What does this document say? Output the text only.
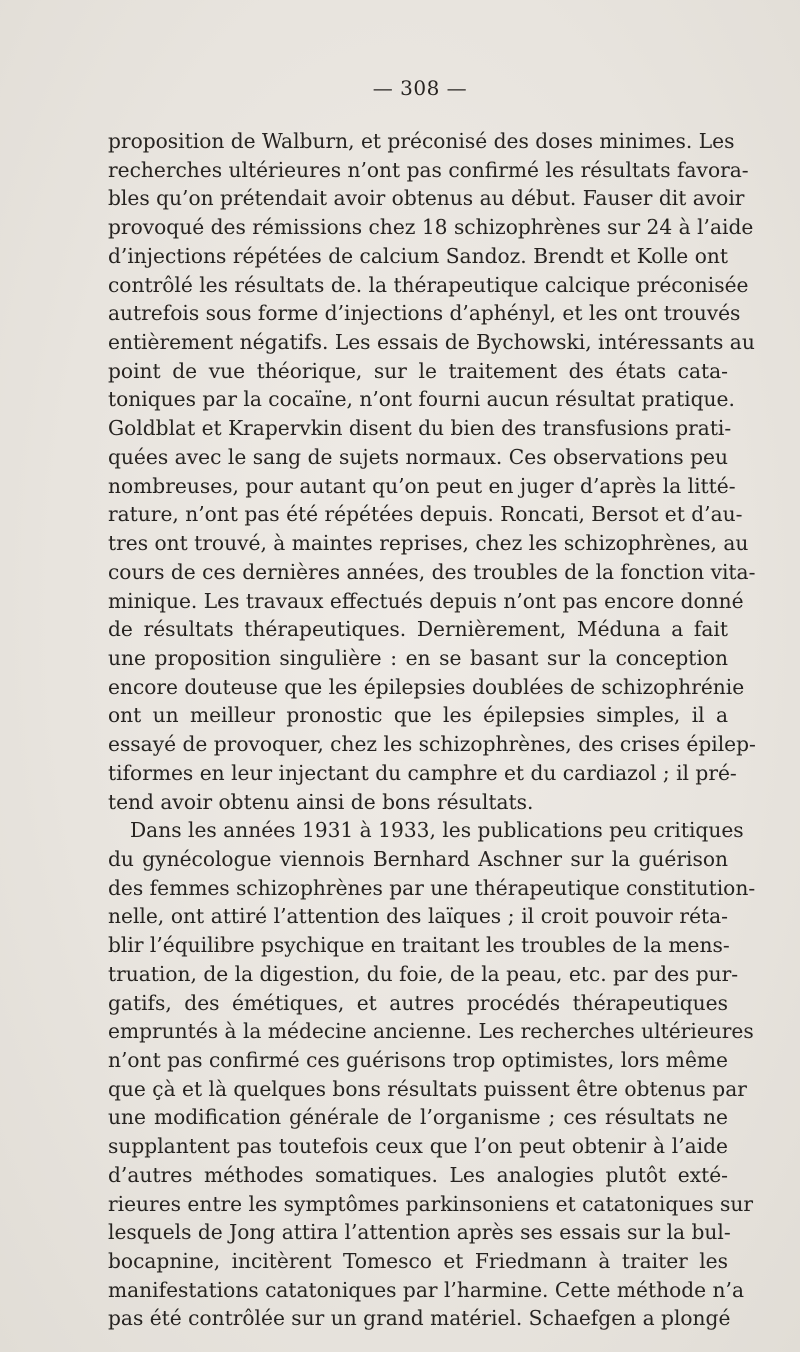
— 308 —

proposition de Walburn, et préconisé des doses minimes. Les
recherches ultérieures n’ont pas confirmé les résultats favora-
bles qu’on prétendait avoir obtenus au début. Fauser dit avoir
provoqué des rémissions chez 18 schizophrènes sur 24 à l’aide
d’injections répétées de calcium Sandoz. Brendt et Kolle ont
contrôlé les résultats de. la thérapeutique calcique préconisée
autrefois sous forme d’injections d’aphényl, et les ont trouvés
entièrement négatifs. Les essais de Bychowski, intéressants au
point de vue théorique, sur le traitement des états cata-
toniques par la cocaïne, n’ont fourni aucun résultat pratique.
Goldblat et Krapervkin disent du bien des transfusions prati-
quées avec le sang de sujets normaux. Ces observations peu
nombreuses, pour autant qu’on peut en juger d’après la litté-
rature, n’ont pas été répétées depuis. Roncati, Bersot et d’au-
tres ont trouvé, à maintes reprises, chez les schizophrènes, au
cours de ces dernières années, des troubles de la fonction vita-
minique. Les travaux effectués depuis n’ont pas encore donné
de résultats thérapeutiques. Dernièrement, Méduna a fait
une proposition singulière : en se basant sur la conception
encore douteuse que les épilepsies doublées de schizophrénie
ont un meilleur pronostic que les épilepsies simples, il a
essayé de provoquer, chez les schizophrènes, des crises épilep-
tiformes en leur injectant du camphre et du cardiazol ; il pré-
tend avoir obtenu ainsi de bons résultats.

Dans les années 1931 à 1933, les publications peu critiques
du gynécologue viennois Bernhard Aschner sur la guérison
des femmes schizophrènes par une thérapeutique constitution-
nelle, ont attiré l’attention des laïques ; il croit pouvoir réta-
blir l’équilibre psychique en traitant les troubles de la mens-
truation, de la digestion, du foie, de la peau, etc. par des pur-
gatifs, des émétiques, et autres procédés thérapeutiques
empruntés à la médecine ancienne. Les recherches ultérieures
n’ont pas confirmé ces guérisons trop optimistes, lors même
que çà et là quelques bons résultats puissent être obtenus par
une modification générale de l’organisme ; ces résultats ne
supplantent pas toutefois ceux que l’on peut obtenir à l’aide
d’autres méthodes somatiques. Les analogies plutôt exté-
rieures entre les symptômes parkinsoniens et catatoniques sur
lesquels de Jong attira l’attention après ses essais sur la bul-
bocapnine, incitèrent Tomesco et Friedmann à traiter les
manifestations catatoniques par l’harmine. Cette méthode n’a
pas été contrôlée sur un grand matériel. Schaefgen a plongé
